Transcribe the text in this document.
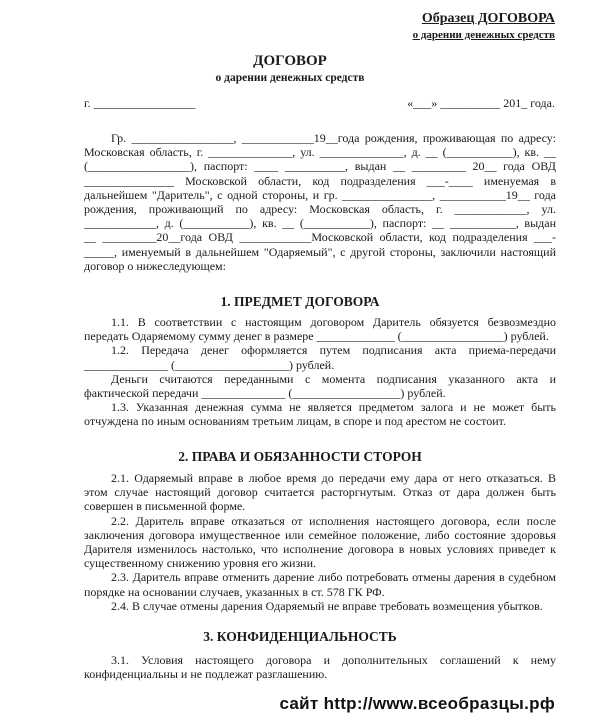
Образец ДОГОВОРА
о дарении денежных средств
ДОГОВОР
о дарении денежных средств
г. _________________	«___» __________ 201_ года.
Гр. _________________, ____________19__года рождения, проживающая по адресу:
Московская область, г. ______________, ул. ______________, д. __ (___________), кв. __
(_________________), паспорт: ____ __________, выдан __ _________ 20__ года ОВД
_______________ Московской области, код подразделения ___-____ именуемая в
дальнейшем "Даритель", с одной стороны, и гр. _______________, ___________19__ года
рождения, проживающий по адресу: Московская область, г. ____________, ул.
____________, д. (___________), кв. __ (___________), паспорт: __ ___________, выдан
__ _________20__года ОВД ____________Московской области, код подразделения ___-
_____, именуемый в дальнейшем "Одаряемый", с другой стороны, заключили настоящий
договор о нижеследующем:
1. ПРЕДМЕТ ДОГОВОРА
1.1. В соответствии с настоящим договором Даритель обязуется безвозмездно
передать Одаряемому сумму денег в размере _____________ (_________________) рублей.
1.2. Передача денег оформляется путем подписания акта приема-передачи
______________ (___________________) рублей.
Деньги считаются переданными с момента подписания указанного акта и
фактической передачи ______________ (__________________) рублей.
1.3. Указанная денежная сумма не является предметом залога и не может быть
отчуждена по иным основаниям третьим лицам, в споре и под арестом не состоит.
2. ПРАВА И ОБЯЗАННОСТИ СТОРОН
2.1. Одаряемый вправе в любое время до передачи ему дара от него отказаться. В
этом случае настоящий договор считается расторгнутым. Отказ от дара должен быть
совершен в письменной форме.
2.2. Даритель вправе отказаться от исполнения настоящего договора, если после
заключения договора имущественное или семейное положение, либо состояние здоровья
Дарителя изменилось настолько, что исполнение договора в новых условиях приведет к
существенному снижению уровня его жизни.
2.3. Даритель вправе отменить дарение либо потребовать отмены дарения в судебном
порядке на основании случаев, указанных в ст. 578 ГК РФ.
2.4. В случае отмены дарения Одаряемый не вправе требовать возмещения убытков.
3. КОНФИДЕНЦИАЛЬНОСТЬ
3.1. Условия настоящего договора и дополнительных соглашений к нему
конфиденциальны и не подлежат разглашению.
сайт http://www.всеобразцы.рф
